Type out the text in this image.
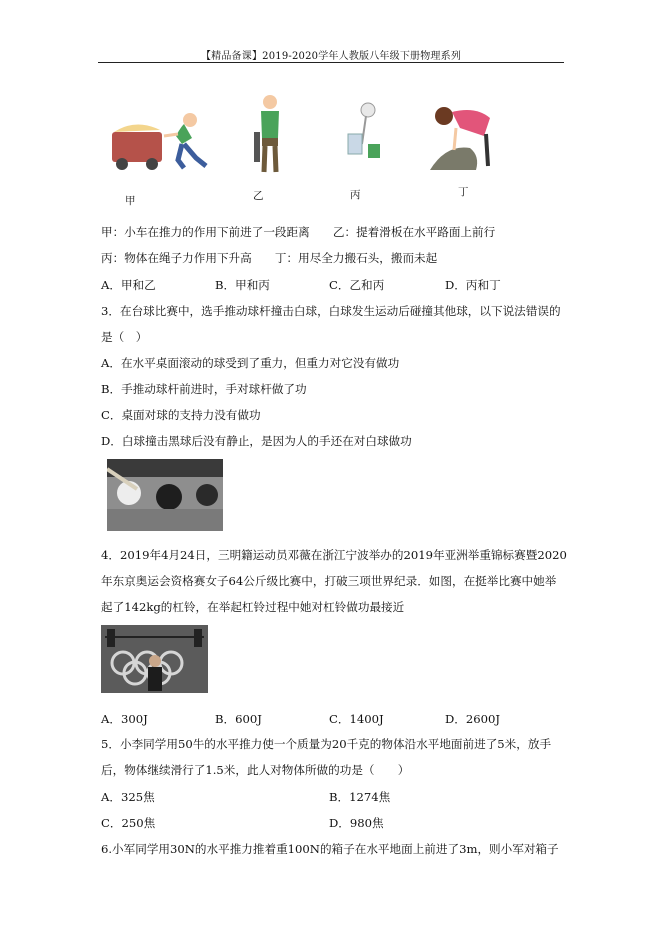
【精品备课】2019-2020学年人教版八年级下册物理系列
甲	乙	丙	丁
甲：小车在推力的作用下前进了一段距离　　乙：提着滑板在水平路面上前行
丙：物体在绳子力作用下升高　　丁：用尽全力搬石头，搬而未起
A．甲和乙	B．甲和丙	C．乙和丙	D．丙和丁
3．在台球比赛中，选手推动球杆撞击白球，白球发生运动后碰撞其他球，以下说法错误的
是（　）
A．在水平桌面滚动的球受到了重力，但重力对它没有做功
B．手推动球杆前进时，手对球杆做了功
C．桌面对球的支持力没有做功
D．白球撞击黑球后没有静止，是因为人的手还在对白球做功
4．2019年4月24日，三明籍运动员邓薇在浙江宁波举办的2019年亚洲举重锦标赛暨2020
年东京奥运会资格赛女子64公斤级比赛中，打破三项世界纪录．如图，在挺举比赛中她举
起了142kg的杠铃，在举起杠铃过程中她对杠铃做功最接近
A．300J	B．600J	C．1400J	D．2600J
5．小李同学用50牛的水平推力使一个质量为20千克的物体沿水平地面前进了5米，放手
后，物体继续滑行了1.5米，此人对物体所做的功是（　　）
A．325焦	B．1274焦
C．250焦	D．980焦
6.小军同学用30N的水平推力推着重100N的箱子在水平地面上前进了3m，则小军对箱子
